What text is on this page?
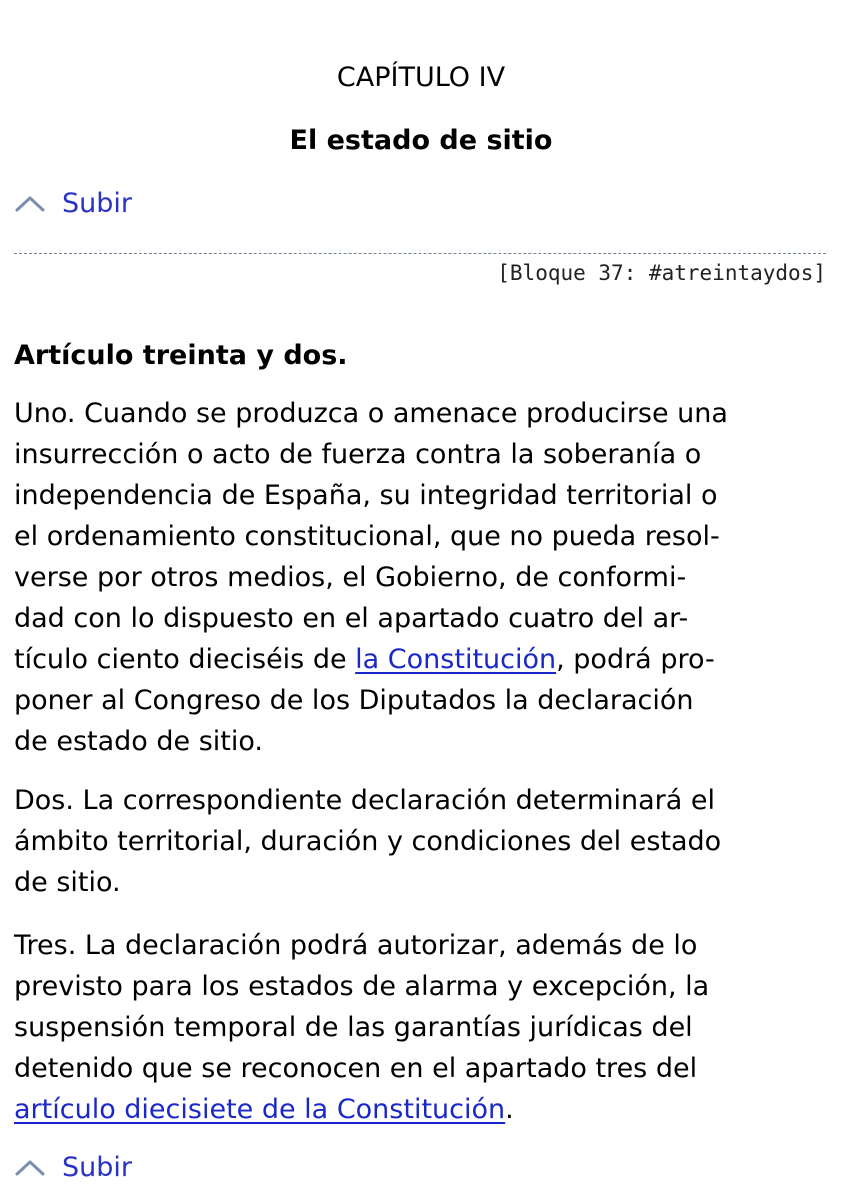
CAPÍTULO IV
El estado de sitio
Subir
[Bloque 37: #atreintaydos]
Artículo treinta y dos.

Uno. Cuando se produzca o amenace producirse una
insurrección o acto de fuerza contra la soberanía o
independencia de España, su integridad territorial o
el ordenamiento constitucional, que no pueda resol-
verse por otros medios, el Gobierno, de conformi-
dad con lo dispuesto en el apartado cuatro del ar-
tículo ciento dieciséis de la Constitución, podrá pro-
poner al Congreso de los Diputados la declaración
de estado de sitio.

Dos. La correspondiente declaración determinará el
ámbito territorial, duración y condiciones del estado
de sitio.

Tres. La declaración podrá autorizar, además de lo
previsto para los estados de alarma y excepción, la
suspensión temporal de las garantías jurídicas del
detenido que se reconocen en el apartado tres del
artículo diecisiete de la Constitución.

Subir
